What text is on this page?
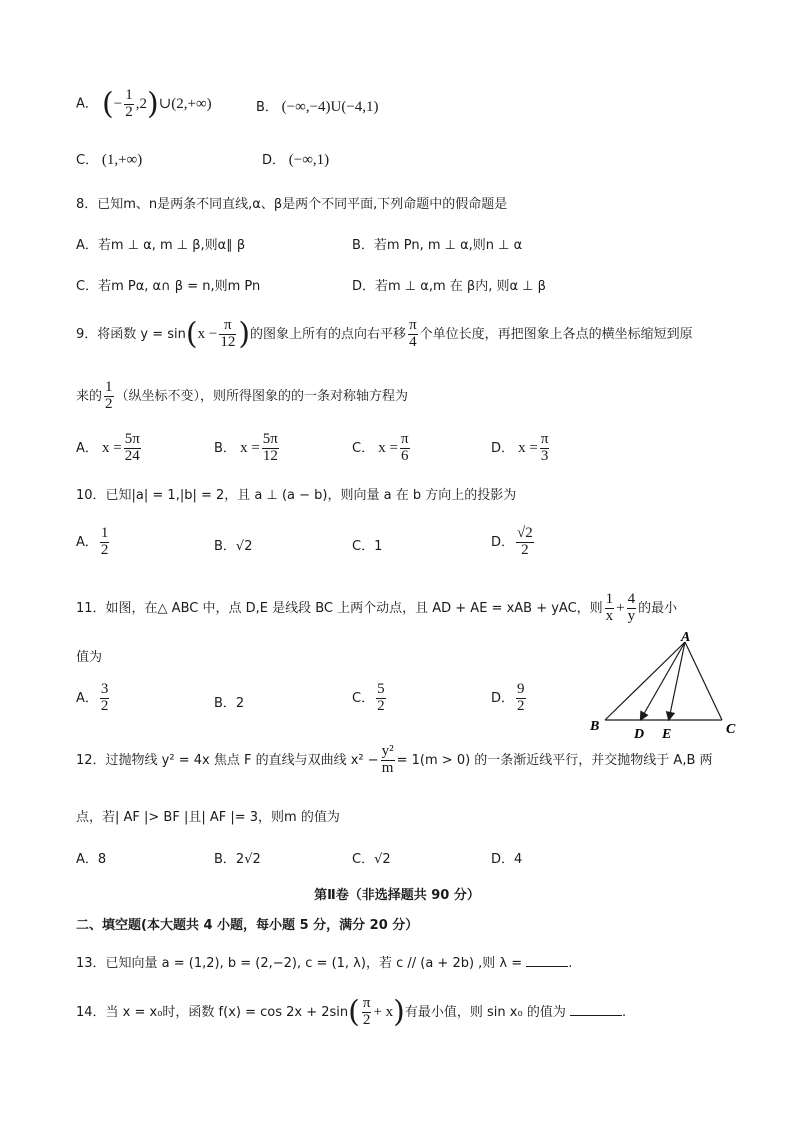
A． (− $\frac{1}{2}$ ,2)∪(2,+∞)	B． (−∞,−4)U(−4,1)
C． (1,+∞)	D． (−∞,1)
8．已知m、n是两条不同直线,α、β是两个不同平面,下列命题中的假命题是
A．若m ⊥ α, m ⊥ β,则α∥ β	B．若m Pn, m ⊥ α,则n ⊥ α
C．若m Pα, α∩ β = n,则m Pn	D．若m ⊥ α,m 在 β内, 则α ⊥ β
9．将函数 $y = \sin(x - \frac{\pi}{12}$ )的图象上所有的点向右平移 $\frac{\pi}{4}$ 个单位长度，再把图象上各点的横坐标缩短到原
来的 $\frac{1}{2}$ （纵坐标不变），则所得图象的的一条对称轴方程为
A． $x = \frac{5\pi}{24}$	B． $x = \frac{5\pi}{12}$	C． $x = \frac{\pi}{6}$	D． $x = \frac{\pi}{3}$
10．已知|a| = 1,|b| = 2，且 a ⊥ (a − b)，则向量 a 在 b 方向上的投影为
A． $\frac{1}{2}$	B．√2	C．1	D． $\frac{√2}{2}$
11．如图，在△ ABC 中，点 D,E 是线段 BC 上两个动点，且 AD + AE = xAB + yAC，则 $\frac{1}{x} + \frac{4}{y}$ 的最小
值为
A． $\frac{3}{2}$	B．2	C． $\frac{5}{2}$	D． $\frac{9}{2}$
A
B	C
D E
12．过抛物线 y² = 4x 焦点 F 的直线与双曲线 $x^2 - \frac{\text{y²}}{m} = 1(m > 0)$ 的一条渐近线平行，并交抛物线于 A,B 两
点，若| AF |> BF |且| AF |= 3，则m 的值为
A．8	B．2√2	C．√2	D．4
第Ⅱ卷（非选择题共 90 分）
二、填空题(本大题共 4 小题，每小题 5 分，满分 20 分）
13．已知向量 a = (1,2), b = (2,−2), c = (1, λ)，若 c // (a + 2b) ,则 λ =	.
14．当 x = x₀时，函数 $f(x) = \cos 2x + 2\sin( \frac{\pi}{2} + x)$有最小值，则 sin x₀ 的值为	.
